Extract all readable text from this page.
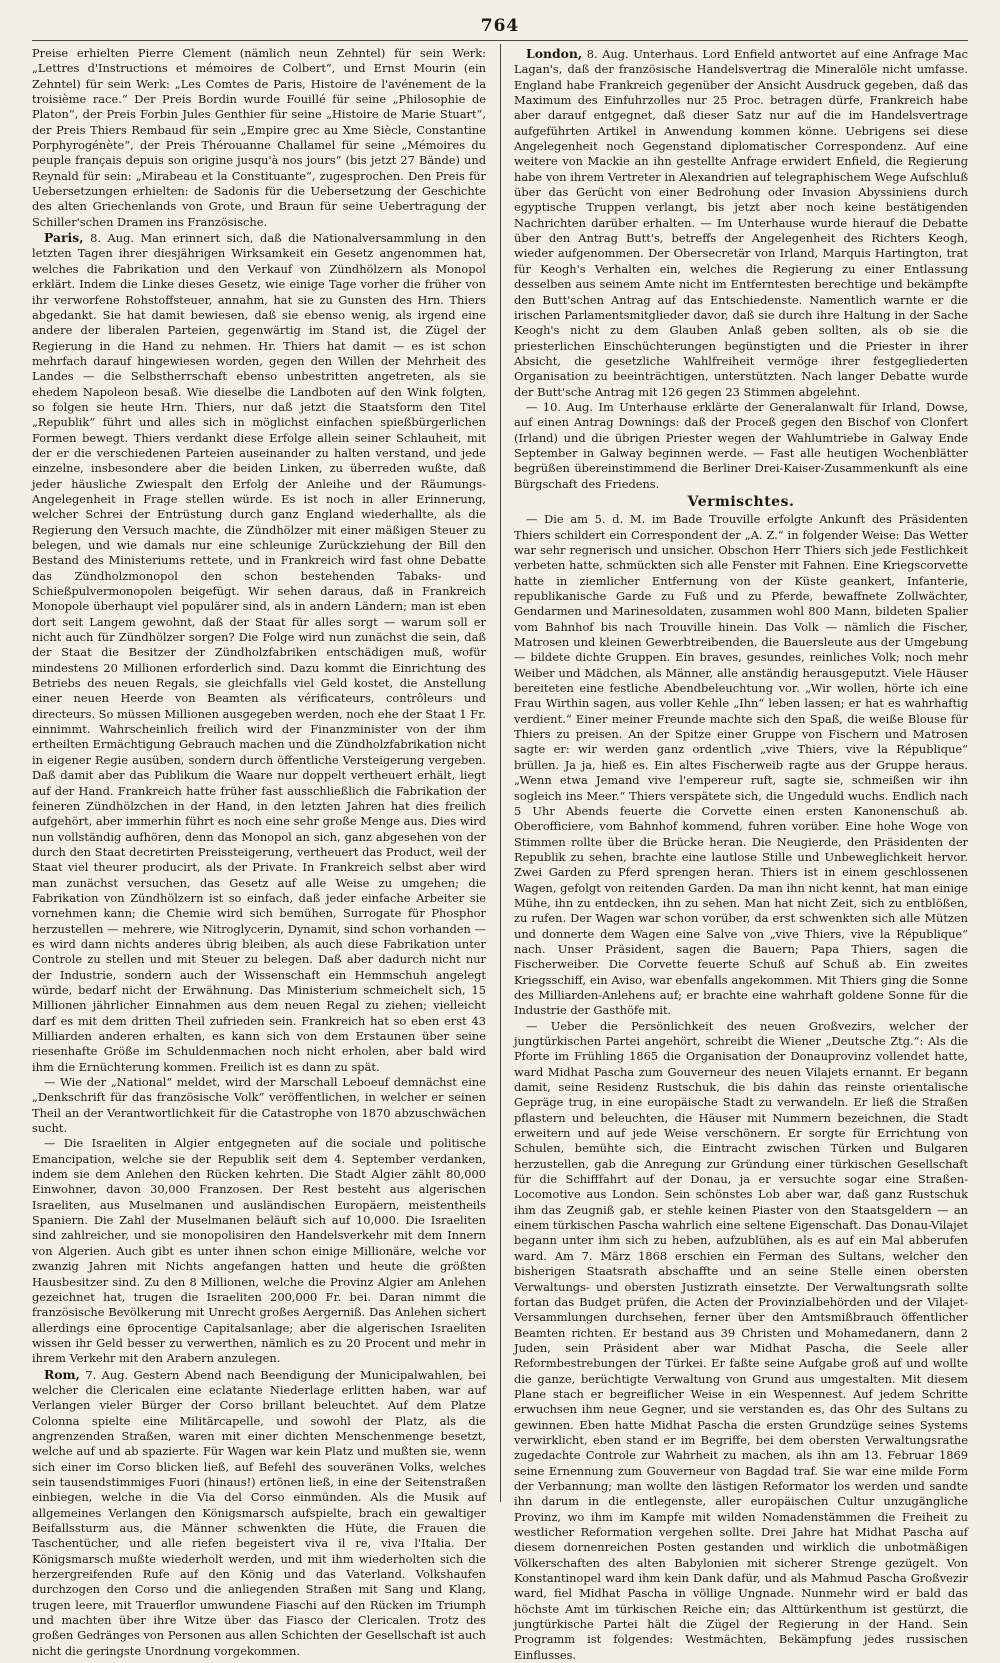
764

Preise erhielten Pierre Clement (nämlich neun Zehntel) für sein Werk: „Lettres d'Instructions et mémoires de Colbert“, und Ernst Mourin (ein Zehntel) für sein Werk: „Les Comtes de Paris, Histoire de l'avénement de la troisième race.“ Der Preis Bordin wurde Fouillé für seine „Philosophie de Platon“, der Preis Forbin Jules Genthier für seine „Histoire de Marie Stuart“, der Preis Thiers Rembaud für sein „Empire grec au Xme Siècle, Constantine Porphyrogénète“, der Preis Thérouanne Challamel für seine „Mémoires du peuple français depuis son origine jusqu'à nos jours“ (bis jetzt 27 Bände) und Reynald für sein: „Mirabeau et la Constituante“, zugesprochen. Den Preis für Uebersetzungen erhielten: de Sadonis für die Uebersetzung der Geschichte des alten Griechenlands von Grote, und Braun für seine Uebertragung der Schiller'schen Dramen ins Französische.

Paris, 8. Aug. Man erinnert sich, daß die Nationalversammlung in den letzten Tagen ihrer diesjährigen Wirksamkeit ein Gesetz angenommen hat, welches die Fabrikation und den Verkauf von Zündhölzern als Monopol erklärt. Indem die Linke dieses Gesetz, wie einige Tage vorher die früher von ihr verworfene Rohstoffsteuer, annahm, hat sie zu Gunsten des Hrn. Thiers abgedankt. Sie hat damit bewiesen, daß sie ebenso wenig, als irgend eine andere der liberalen Parteien, gegenwärtig im Stand ist, die Zügel der Regierung in die Hand zu nehmen. Hr. Thiers hat damit — es ist schon mehrfach darauf hingewiesen worden, gegen den Willen der Mehrheit des Landes — die Selbstherrschaft ebenso unbestritten angetreten, als sie ehedem Napoleon besaß. Wie dieselbe die Landboten auf den Wink folgten, so folgen sie heute Hrn. Thiers, nur daß jetzt die Staatsform den Titel „Republik“ führt und alles sich in möglichst einfachen spießbürgerlichen Formen bewegt. Thiers verdankt diese Erfolge allein seiner Schlauheit, mit der er die verschiedenen Parteien auseinander zu halten verstand, und jede einzelne, insbesondere aber die beiden Linken, zu überreden wußte, daß jeder häusliche Zwiespalt den Erfolg der Anleihe und der Räumungs-Angelegenheit in Frage stellen würde. Es ist noch in aller Erinnerung, welcher Schrei der Entrüstung durch ganz England wiederhallte, als die Regierung den Versuch machte, die Zündhölzer mit einer mäßigen Steuer zu belegen, und wie damals nur eine schleunige Zurückziehung der Bill den Bestand des Ministeriums rettete, und in Frankreich wird fast ohne Debatte das Zündholzmonopol den schon bestehenden Tabaks- und Schießpulvermonopolen beigefügt. Wir sehen daraus, daß in Frankreich Monopole überhaupt viel populärer sind, als in andern Ländern; man ist eben dort seit Langem gewohnt, daß der Staat für alles sorgt — warum soll er nicht auch für Zündhölzer sorgen? Die Folge wird nun zunächst die sein, daß der Staat die Besitzer der Zündholzfabriken entschädigen muß, wofür mindestens 20 Millionen erforderlich sind. Dazu kommt die Einrichtung des Betriebs des neuen Regals, sie gleichfalls viel Geld kostet, die Anstellung einer neuen Heerde von Beamten als vérificateurs, contrôleurs und directeurs. So müssen Millionen ausgegeben werden, noch ehe der Staat 1 Fr. einnimmt. Wahrscheinlich freilich wird der Finanzminister von der ihm ertheilten Ermächtigung Gebrauch machen und die Zündholzfabrikation nicht in eigener Regie ausüben, sondern durch öffentliche Versteigerung vergeben. Daß damit aber das Publikum die Waare nur doppelt vertheuert erhält, liegt auf der Hand. Frankreich hatte früher fast ausschließlich die Fabrikation der feineren Zündhölzchen in der Hand, in den letzten Jahren hat dies freilich aufgehört, aber immerhin führt es noch eine sehr große Menge aus. Dies wird nun vollständig aufhören, denn das Monopol an sich, ganz abgesehen von der durch den Staat decretirten Preissteigerung, vertheuert das Product, weil der Staat viel theurer producirt, als der Private. In Frankreich selbst aber wird man zunächst versuchen, das Gesetz auf alle Weise zu umgehen; die Fabrikation von Zündhölzern ist so einfach, daß jeder einfache Arbeiter sie vornehmen kann; die Chemie wird sich bemühen, Surrogate für Phosphor herzustellen — mehrere, wie Nitroglycerin, Dynamit, sind schon vorhanden — es wird dann nichts anderes übrig bleiben, als auch diese Fabrikation unter Controle zu stellen und mit Steuer zu belegen. Daß aber dadurch nicht nur der Industrie, sondern auch der Wissenschaft ein Hemmschuh angelegt würde, bedarf nicht der Erwähnung. Das Ministerium schmeichelt sich, 15 Millionen jährlicher Einnahmen aus dem neuen Regal zu ziehen; vielleicht darf es mit dem dritten Theil zufrieden sein. Frankreich hat so eben erst 43 Milliarden anderen erhalten, es kann sich von dem Erstaunen über seine riesenhafte Größe im Schuldenmachen noch nicht erholen, aber bald wird ihm die Ernüchterung kommen. Freilich ist es dann zu spät.

— Wie der „National“ meldet, wird der Marschall Leboeuf demnächst eine „Denkschrift für das französische Volk“ veröffentlichen, in welcher er seinen Theil an der Verantwortlichkeit für die Catastrophe von 1870 abzuschwächen sucht.

— Die Israeliten in Algier entgegneten auf die sociale und politische Emancipation, welche sie der Republik seit dem 4. September verdanken, indem sie dem Anlehen den Rücken kehrten. Die Stadt Algier zählt 80,000 Einwohner, davon 30,000 Franzosen. Der Rest besteht aus algerischen Israeliten, aus Muselmanen und ausländischen Europäern, meistentheils Spaniern. Die Zahl der Muselmanen beläuft sich auf 10,000. Die Israeliten sind zahlreicher, und sie monopolisiren den Handelsverkehr mit dem Innern von Algerien. Auch gibt es unter ihnen schon einige Millionäre, welche vor zwanzig Jahren mit Nichts angefangen hatten und heute die größten Hausbesitzer sind. Zu den 8 Millionen, welche die Provinz Algier am Anlehen gezeichnet hat, trugen die Israeliten 200,000 Fr. bei. Daran nimmt die französische Bevölkerung mit Unrecht großes Aergerniß. Das Anlehen sichert allerdings eine 6procentige Capitalsanlage; aber die algerischen Israeliten wissen ihr Geld besser zu verwerthen, nämlich es zu 20 Procent und mehr in ihrem Verkehr mit den Arabern anzulegen.

Rom, 7. Aug. Gestern Abend nach Beendigung der Municipalwahlen, bei welcher die Clericalen eine eclatante Niederlage erlitten haben, war auf Verlangen vieler Bürger der Corso brillant beleuchtet. Auf dem Platze Colonna spielte eine Militärcapelle, und sowohl der Platz, als die angrenzenden Straßen, waren mit einer dichten Menschenmenge besetzt, welche auf und ab spazierte. Für Wagen war kein Platz und mußten sie, wenn sich einer im Corso blicken ließ, auf Befehl des souveränen Volks, welches sein tausendstimmiges Fuori (hinaus!) ertönen ließ, in eine der Seitenstraßen einbiegen, welche in die Via del Corso einmünden. Als die Musik auf allgemeines Verlangen den Königsmarsch aufspielte, brach ein gewaltiger Beifallssturm aus, die Männer schwenkten die Hüte, die Frauen die Taschentücher, und alle riefen begeistert viva il re, viva l'Italia. Der Königsmarsch mußte wiederholt werden, und mit ihm wiederholten sich die herzergreifenden Rufe auf den König und das Vaterland. Volkshaufen durchzogen den Corso und die anliegenden Straßen mit Sang und Klang, trugen leere, mit Trauerflor umwundene Fiaschi auf den Rücken im Triumph und machten über ihre Witze über das Fiasco der Clericalen. Trotz des großen Gedränges von Personen aus allen Schichten der Gesellschaft ist auch nicht die geringste Unordnung vorgekommen.

London, 8. Aug. Unterhaus. Lord Enfield antwortet auf eine Anfrage Mac Lagan's, daß der französische Handelsvertrag die Mineralöle nicht umfasse. England habe Frankreich gegenüber der Ansicht Ausdruck gegeben, daß das Maximum des Einfuhrzolles nur 25 Proc. betragen dürfe, Frankreich habe aber darauf entgegnet, daß dieser Satz nur auf die im Handelsvertrage aufgeführten Artikel in Anwendung kommen könne. Uebrigens sei diese Angelegenheit noch Gegenstand diplomatischer Correspondenz. Auf eine weitere von Mackie an ihn gestellte Anfrage erwidert Enfield, die Regierung habe von ihrem Vertreter in Alexandrien auf telegraphischem Wege Aufschluß über das Gerücht von einer Bedrohung oder Invasion Abyssiniens durch egyptische Truppen verlangt, bis jetzt aber noch keine bestätigenden Nachrichten darüber erhalten. — Im Unterhause wurde hierauf die Debatte über den Antrag Butt's, betreffs der Angelegenheit des Richters Keogh, wieder aufgenommen. Der Obersecretär von Irland, Marquis Hartington, trat für Keogh's Verhalten ein, welches die Regierung zu einer Entlassung desselben aus seinem Amte nicht im Entferntesten berechtige und bekämpfte den Butt'schen Antrag auf das Entschiedenste. Namentlich warnte er die irischen Parlamentsmitglieder davor, daß sie durch ihre Haltung in der Sache Keogh's nicht zu dem Glauben Anlaß geben sollten, als ob sie die priesterlichen Einschüchterungen begünstigten und die Priester in ihrer Absicht, die gesetzliche Wahlfreiheit vermöge ihrer festgegliederten Organisation zu beeinträchtigen, unterstützten. Nach langer Debatte wurde der Butt'sche Antrag mit 126 gegen 23 Stimmen abgelehnt.

— 10. Aug. Im Unterhause erklärte der Generalanwalt für Irland, Dowse, auf einen Antrag Downings: daß der Proceß gegen den Bischof von Clonfert (Irland) und die übrigen Priester wegen der Wahlumtriebe in Galway Ende September in Galway beginnen werde. — Fast alle heutigen Wochenblätter begrüßen übereinstimmend die Berliner Drei-Kaiser-Zusammenkunft als eine Bürgschaft des Friedens.

Vermischtes.

— Die am 5. d. M. im Bade Trouville erfolgte Ankunft des Präsidenten Thiers schildert ein Correspondent der „A. Z.“ in folgender Weise: Das Wetter war sehr regnerisch und unsicher. Obschon Herr Thiers sich jede Festlichkeit verbeten hatte, schmückten sich alle Fenster mit Fahnen. Eine Kriegscorvette hatte in ziemlicher Entfernung von der Küste geankert, Infanterie, republikanische Garde zu Fuß und zu Pferde, bewaffnete Zollwächter, Gendarmen und Marinesoldaten, zusammen wohl 800 Mann, bildeten Spalier vom Bahnhof bis nach Trouville hinein. Das Volk — nämlich die Fischer, Matrosen und kleinen Gewerbtreibenden, die Bauersleute aus der Umgebung — bildete dichte Gruppen. Ein braves, gesundes, reinliches Volk; noch mehr Weiber und Mädchen, als Männer, alle anständig herausgeputzt. Viele Häuser bereiteten eine festliche Abendbeleuchtung vor. „Wir wollen, hörte ich eine Frau Wirthin sagen, aus voller Kehle „Ihn“ leben lassen; er hat es wahrhaftig verdient.“ Einer meiner Freunde machte sich den Spaß, die weiße Blouse für Thiers zu preisen. An der Spitze einer Gruppe von Fischern und Matrosen sagte er: wir werden ganz ordentlich „vive Thiers, vive la République“ brüllen. Ja ja, hieß es. Ein altes Fischerweib ragte aus der Gruppe heraus. „Wenn etwa Jemand vive l'empereur ruft, sagte sie, schmeißen wir ihn sogleich ins Meer.“ Thiers verspätete sich, die Ungeduld wuchs. Endlich nach 5 Uhr Abends feuerte die Corvette einen ersten Kanonenschuß ab. Oberofficiere, vom Bahnhof kommend, fuhren vorüber. Eine hohe Woge von Stimmen rollte über die Brücke heran. Die Neugierde, den Präsidenten der Republik zu sehen, brachte eine lautlose Stille und Unbeweglichkeit hervor. Zwei Garden zu Pferd sprengen heran. Thiers ist in einem geschlossenen Wagen, gefolgt von reitenden Garden. Da man ihn nicht kennt, hat man einige Mühe, ihn zu entdecken, ihn zu sehen. Man hat nicht Zeit, sich zu entblößen, zu rufen. Der Wagen war schon vorüber, da erst schwenkten sich alle Mützen und donnerte dem Wagen eine Salve von „vive Thiers, vive la République“ nach. Unser Präsident, sagen die Bauern; Papa Thiers, sagen die Fischerweiber. Die Corvette feuerte Schuß auf Schuß ab. Ein zweites Kriegsschiff, ein Aviso, war ebenfalls angekommen. Mit Thiers ging die Sonne des Milliarden-Anlehens auf; er brachte eine wahrhaft goldene Sonne für die Industrie der Gasthöfe mit.

— Ueber die Persönlichkeit des neuen Großvezirs, welcher der jungtürkischen Partei angehört, schreibt die Wiener „Deutsche Ztg.“: Als die Pforte im Frühling 1865 die Organisation der Donauprovinz vollendet hatte, ward Midhat Pascha zum Gouverneur des neuen Vilajets ernannt. Er begann damit, seine Residenz Rustschuk, die bis dahin das reinste orientalische Gepräge trug, in eine europäische Stadt zu verwandeln. Er ließ die Straßen pflastern und beleuchten, die Häuser mit Nummern bezeichnen, die Stadt erweitern und auf jede Weise verschönern. Er sorgte für Errichtung von Schulen, bemühte sich, die Eintracht zwischen Türken und Bulgaren herzustellen, gab die Anregung zur Gründung einer türkischen Gesellschaft für die Schifffahrt auf der Donau, ja er versuchte sogar eine Straßen-Locomotive aus London. Sein schönstes Lob aber war, daß ganz Rustschuk ihm das Zeugniß gab, er stehle keinen Piaster von den Staatsgeldern — an einem türkischen Pascha wahrlich eine seltene Eigenschaft. Das Donau-Vilajet begann unter ihm sich zu heben, aufzublühen, als es auf ein Mal abberufen ward. Am 7. März 1868 erschien ein Ferman des Sultans, welcher den bisherigen Staatsrath abschaffte und an seine Stelle einen obersten Verwaltungs- und obersten Justizrath einsetzte. Der Verwaltungsrath sollte fortan das Budget prüfen, die Acten der Provinzialbehörden und der Vilajet-Versammlungen durchsehen, ferner über den Amtsmißbrauch öffentlicher Beamten richten. Er bestand aus 39 Christen und Mohamedanern, dann 2 Juden, sein Präsident aber war Midhat Pascha, die Seele aller Reformbestrebungen der Türkei. Er faßte seine Aufgabe groß auf und wollte die ganze, berüchtigte Verwaltung von Grund aus umgestalten. Mit diesem Plane stach er begreiflicher Weise in ein Wespennest. Auf jedem Schritte erwuchsen ihm neue Gegner, und sie verstanden es, das Ohr des Sultans zu gewinnen. Eben hatte Midhat Pascha die ersten Grundzüge seines Systems verwirklicht, eben stand er im Begriffe, bei dem obersten Verwaltungsrathe zugedachte Controle zur Wahrheit zu machen, als ihn am 13. Februar 1869 seine Ernennung zum Gouverneur von Bagdad traf. Sie war eine milde Form der Verbannung; man wollte den lästigen Reformator los werden und sandte ihn darum in die entlegenste, aller europäischen Cultur unzugängliche Provinz, wo ihm im Kampfe mit wilden Nomadenstämmen die Freiheit zu westlicher Reformation vergehen sollte. Drei Jahre hat Midhat Pascha auf diesem dornenreichen Posten gestanden und wirklich die unbotmäßigen Völkerschaften des alten Babylonien mit sicherer Strenge gezügelt. Von Konstantinopel ward ihm kein Dank dafür, und als Mahmud Pascha Großvezir ward, fiel Midhat Pascha in völlige Ungnade. Nunmehr wird er bald das höchste Amt im türkischen Reiche ein; das Alttürkenthum ist gestürzt, die jungtürkische Partei hält die Zügel der Regierung in der Hand. Sein Programm ist folgendes: Westmächten, Bekämpfung jedes russischen Einflusses.
